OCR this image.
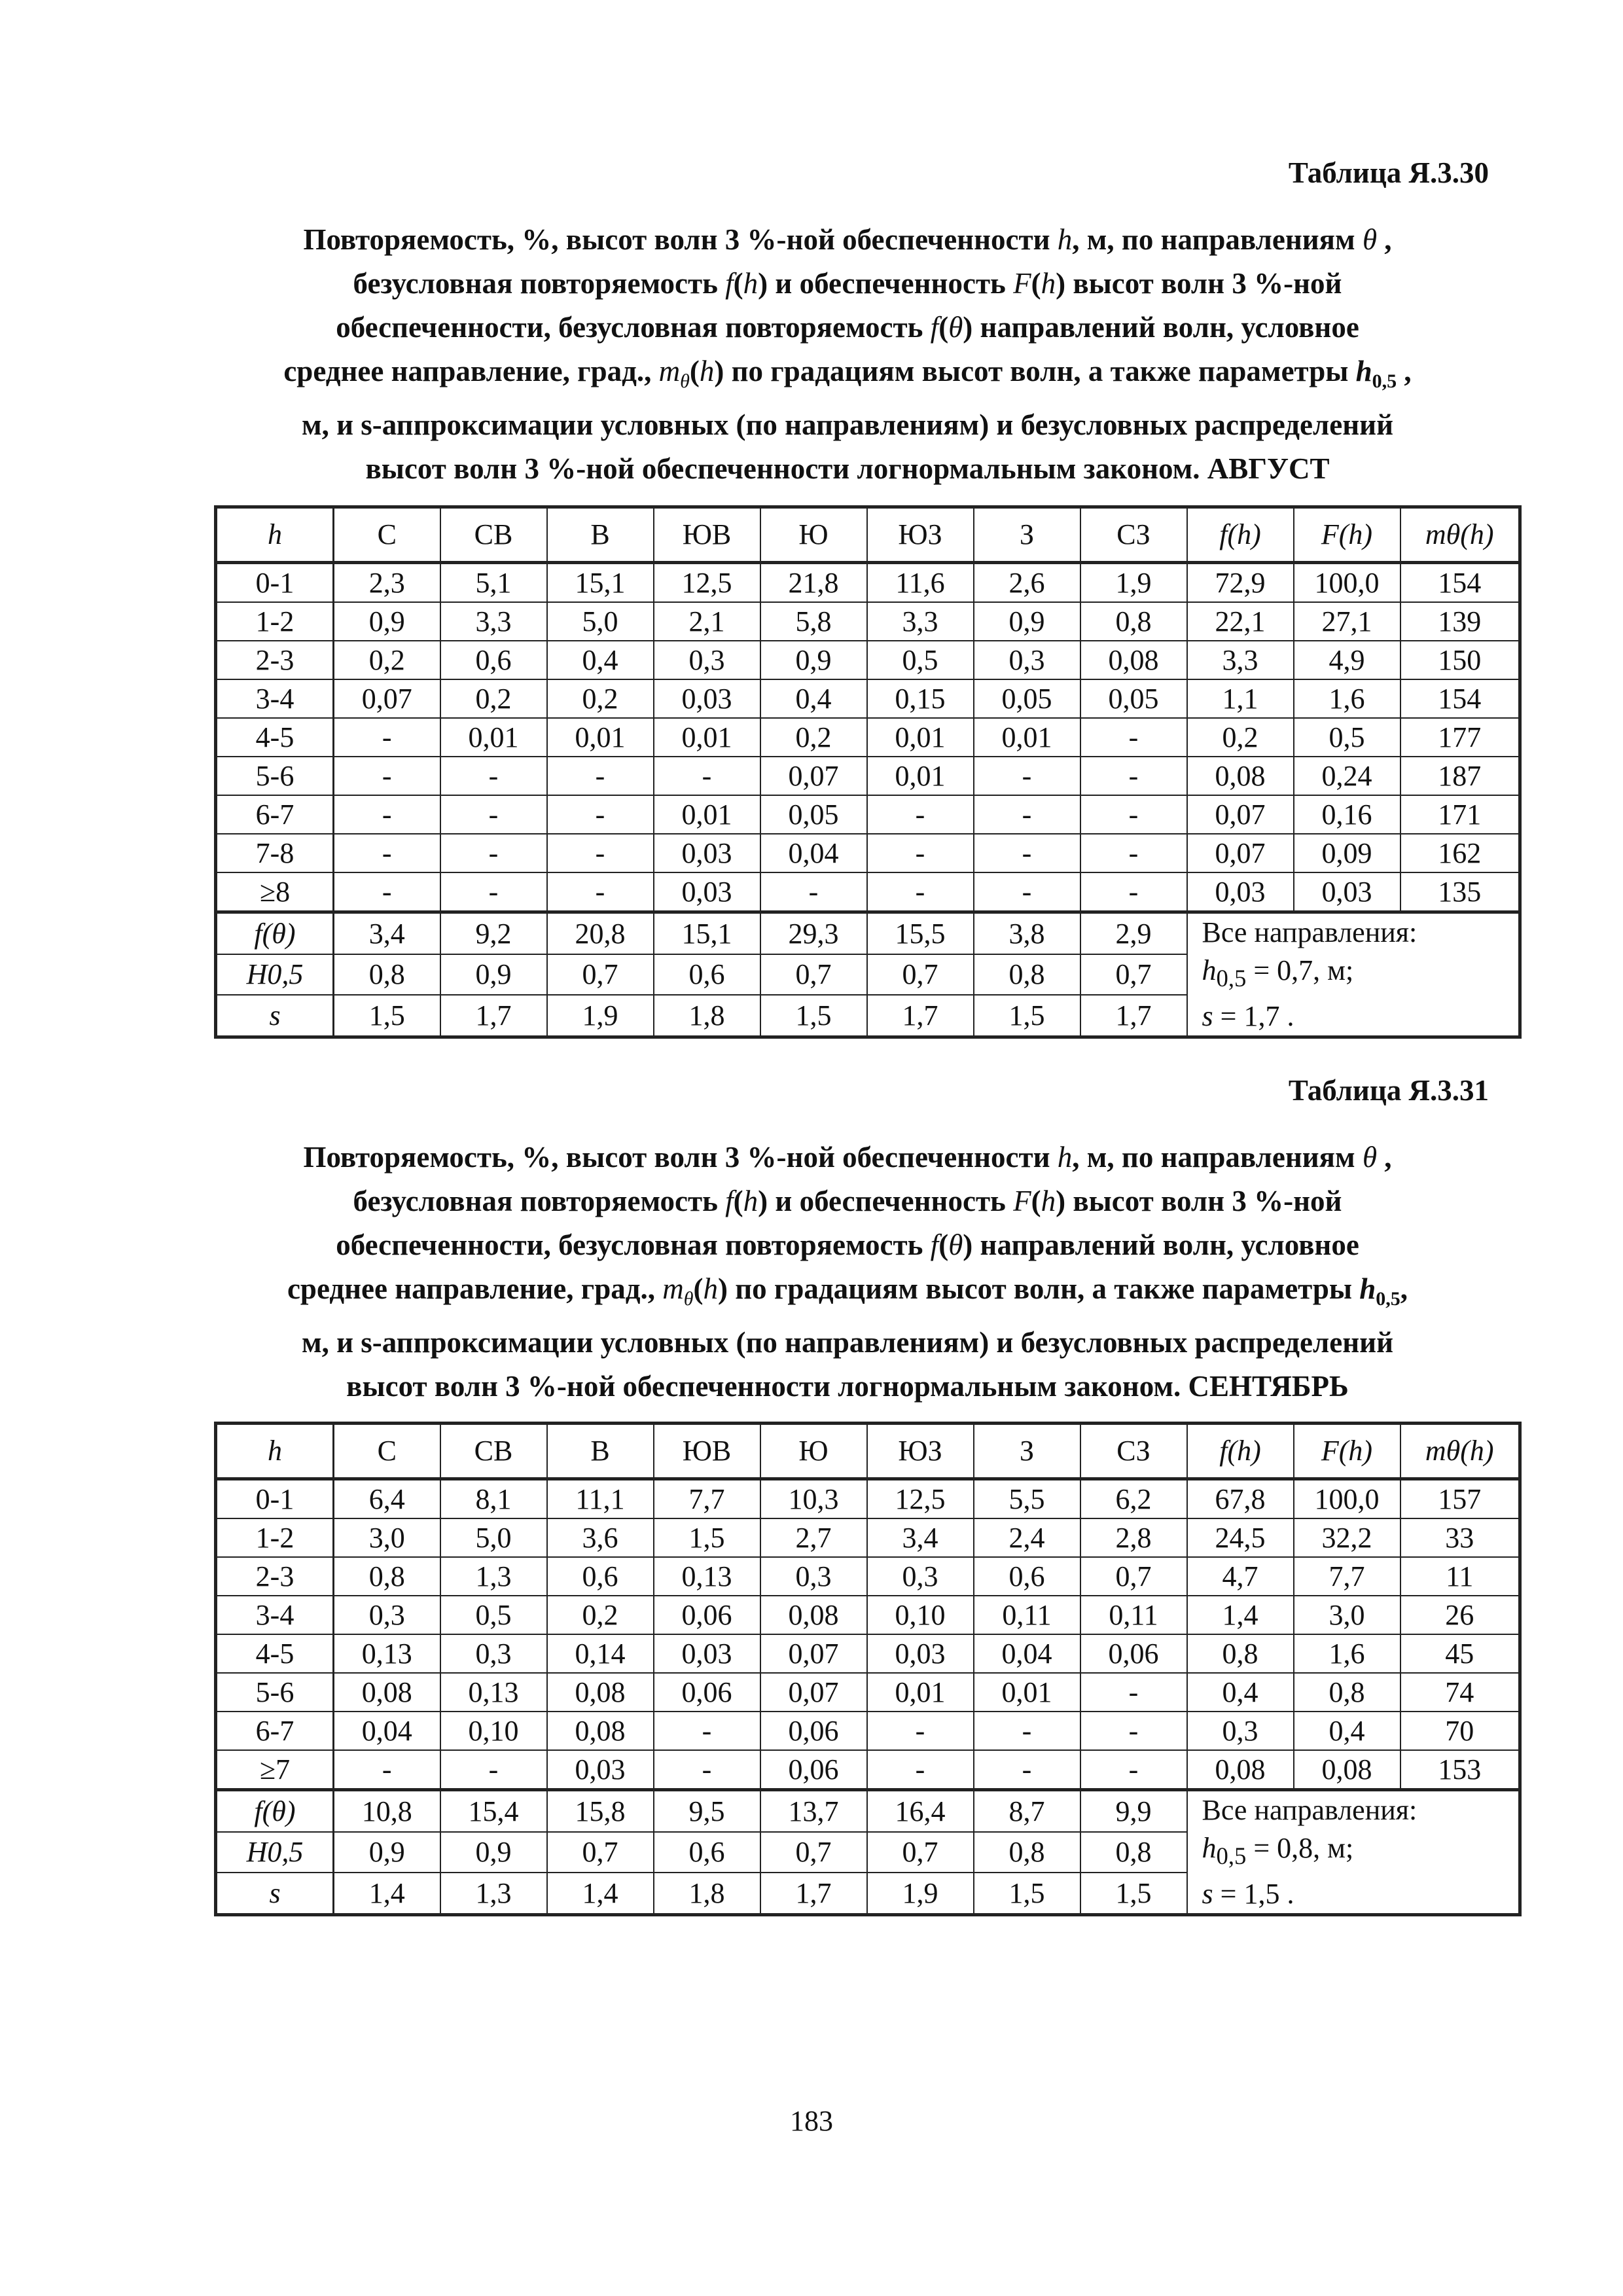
Таблица Я.3.30
Повторяемость, %, высот волн 3 %-ной обеспеченности h, м, по направлениям θ ,
безусловная повторяемость f(h) и обеспеченность F(h) высот волн 3 %-ной
обеспеченности, безусловная повторяемость f(θ) направлений волн, условное
среднее направление, град., $m_\theta(h)$ по градациям высот волн, а также параметры $h_{0,5}$ ,
м, и s-аппроксимации условных (по направлениям) и безусловных распределений
высот волн 3 %-ной обеспеченности логнормальным законом. АВГУСТ
h	С	СВ	В	ЮВ	Ю	ЮЗ	З	СЗ	f(h)	F(h)	mθ(h)
0-1	2,3	5,1	15,1	12,5	21,8	11,6	2,6	1,9	72,9	100,0	154
1-2	0,9	3,3	5,0	2,1	5,8	3,3	0,9	0,8	22,1	27,1	139
2-3	0,2	0,6	0,4	0,3	0,9	0,5	0,3	0,08	3,3	4,9	150
3-4	0,07	0,2	0,2	0,03	0,4	0,15	0,05	0,05	1,1	1,6	154
4-5	-	0,01	0,01	0,01	0,2	0,01	0,01	-	0,2	0,5	177
5-6	-	-	-	-	0,07	0,01	-	-	0,08	0,24	187
6-7	-	-	-	0,01	0,05	-	-	-	0,07	0,16	171
7-8	-	-	-	0,03	0,04	-	-	-	0,07	0,09	162
≥8	-	-	-	0,03	-	-	-	-	0,03	0,03	135
f(θ)	3,4	9,2	20,8	15,1	29,3	15,5	3,8	2,9	Все направления:
$h_{0,5} = 0,7$, м;
s = 1,7 .		

H0,5	0,8	0,9	0,7	0,6	0,7	0,7	0,8	0,7			
s	1,5	1,7	1,9	1,8	1,5	1,7	1,5	1,7			
Таблица Я.3.31
Повторяемость, %, высот волн 3 %-ной обеспеченности h, м, по направлениям θ ,
безусловная повторяемость f(h) и обеспеченность F(h) высот волн 3 %-ной
обеспеченности, безусловная повторяемость f(θ) направлений волн, условное
среднее направление, град., $m_\theta(h)$ по градациям высот волн, а также параметры $h_{0,5}$,
м, и s-аппроксимации условных (по направлениям) и безусловных распределений
высот волн 3 %-ной обеспеченности логнормальным законом. СЕНТЯБРЬ
h	С	СВ	В	ЮВ	Ю	ЮЗ	З	СЗ	f(h)	F(h)	mθ(h)
0-1	6,4	8,1	11,1	7,7	10,3	12,5	5,5	6,2	67,8	100,0	157
1-2	3,0	5,0	3,6	1,5	2,7	3,4	2,4	2,8	24,5	32,2	33
2-3	0,8	1,3	0,6	0,13	0,3	0,3	0,6	0,7	4,7	7,7	11
3-4	0,3	0,5	0,2	0,06	0,08	0,10	0,11	0,11	1,4	3,0	26
4-5	0,13	0,3	0,14	0,03	0,07	0,03	0,04	0,06	0,8	1,6	45
5-6	0,08	0,13	0,08	0,06	0,07	0,01	0,01	-	0,4	0,8	74
6-7	0,04	0,10	0,08	-	0,06	-	-	-	0,3	0,4	70
≥7	-	-	0,03	-	0,06	-	-	-	0,08	0,08	153
f(θ)	10,8	15,4	15,8	9,5	13,7	16,4	8,7	9,9	Все направления:
$h_{0,5} = 0,8$, м;
s = 1,5 .		

H0,5	0,9	0,9	0,7	0,6	0,7	0,7	0,8	0,8			
s	1,4	1,3	1,4	1,8	1,7	1,9	1,5	1,5			
183
